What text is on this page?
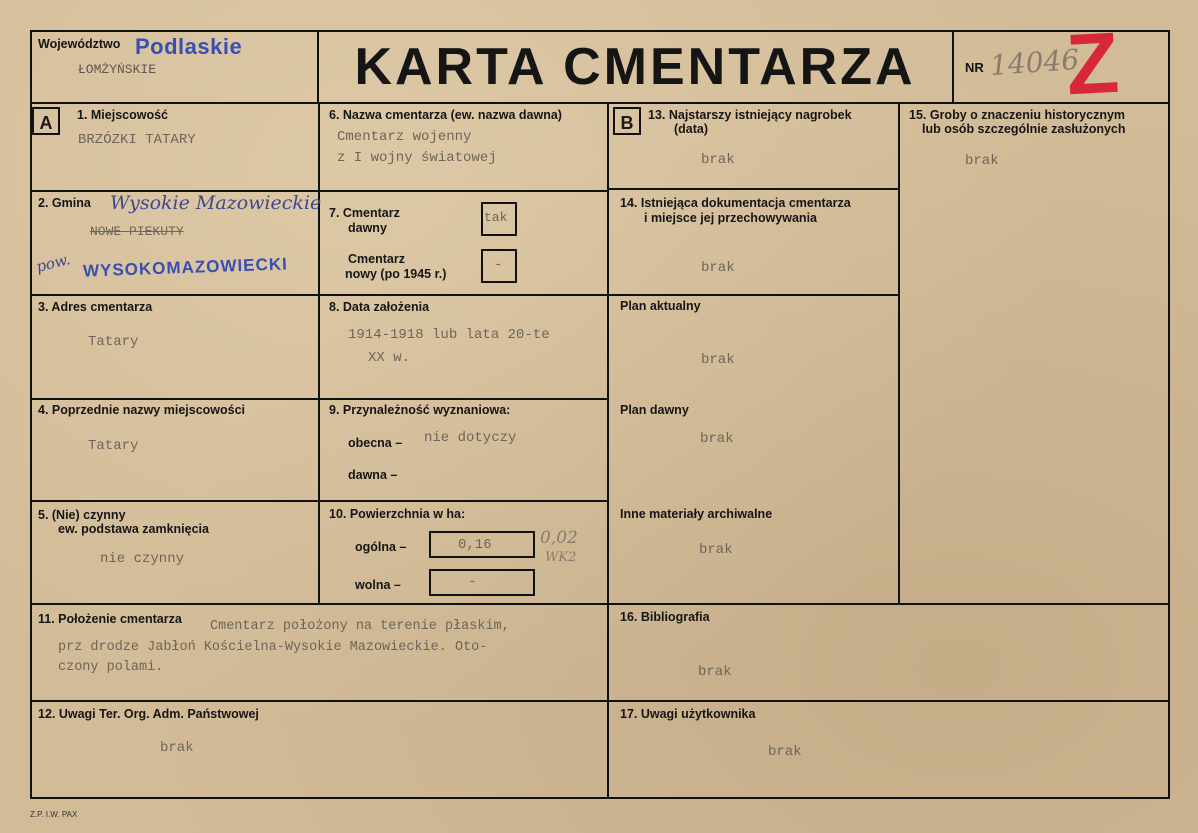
Województwo Podlaskie
ŁOMŻYŃSKIE	KARTA CMENTARZA	NR 14046
Z
A	B
1. Miejscowość
BRZÓZKI TATARY
2. Gmina Wysokie Mazowieckie
NOWE PIEKUTY
pow. WYSOKOMAZOWIECKI
3. Adres cmentarza
Tatary
4. Poprzednie nazwy miejscowości
Tatary
5. (Nie) czynny
ew. podstawa zamknięcia
nie czynny
6. Nazwa cmentarza (ew. nazwa dawna)
Cmentarz wojenny
z I wojny światowej
7. Cmentarz
dawny
tak
Cmentarz
nowy (po 1945 r.)
-
8. Data założenia
1914-1918 lub lata 20-te
XX w.
9. Przynależność wyznaniowa:
obecna – nie dotyczy
dawna –
10. Powierzchnia w ha:
ogólna –	0,16	0,02
WK2
wolna –	-
11. Położenie cmentarza Cmentarz położony na terenie płaskim,
prz drodze Jabłoń Kościelna-Wysokie Mazowieckie. Oto-
czony polami.
12. Uwagi Ter. Org. Adm. Państwowej
brak
13. Najstarszy istniejący nagrobek
(data)
brak
14. Istniejąca dokumentacja cmentarza
i miejsce jej przechowywania
brak
Plan aktualny
brak
Plan dawny
brak
Inne materiały archiwalne
brak
15. Groby o znaczeniu historycznym
lub osób szczególnie zasłużonych
brak
16. Bibliografia
brak
17. Uwagi użytkownika
brak
Z.P. I.W. PAX
